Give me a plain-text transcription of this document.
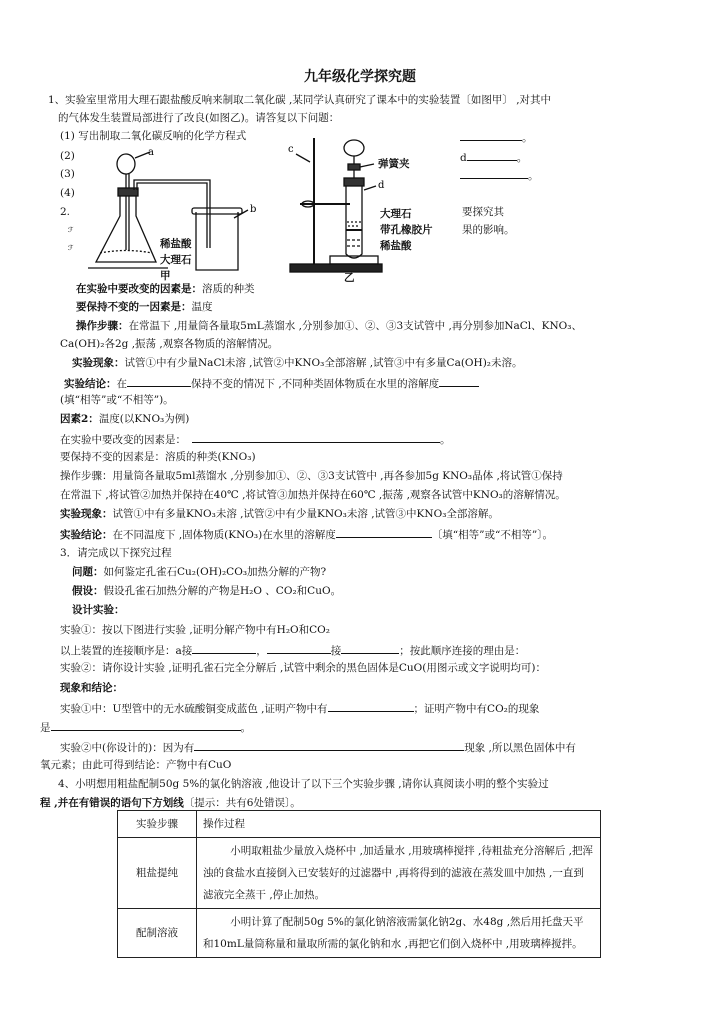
九年级化学探究题
1、实验室里常用大理石跟盐酸反响来制取二氧化碳 ,某同学认真研究了课本中的实验装置〔如图甲〕 ,对其中
的气体发生装置局部进行了改良(如图乙)。请答复以下问题：
(1) 写出制取二氧化碳反响的化学方程式	。
(2)	d	。
(3)	。
(4)
a
b
稀盐酸
大理石
甲
c
d
弹簧夹
大理石
带孔橡胶片
稀盐酸
乙
2.	要探究其
果的影响。
ℱ
ℱ
在实验中要改变的因素是：溶质的种类
要保持不变的一因素是：温度
操作步骤：在常温下 ,用量筒各量取5mL蒸馏水 ,分别参加①、②、③3支试管中 ,再分别参加NaCl、KNO₃、
Ca(OH)₂各2g ,振荡 ,观察各物质的溶解情况。
实验现象：试管①中有少量NaCl未溶 ,试管②中KNO₃全部溶解 ,试管③中有多量Ca(OH)₂未溶。
实验结论：在	保持不变的情况下 ,不同种类固体物质在水里的溶解度
(填“相等”或“不相等”)。
因素2：温度(以KNO₃为例)
在实验中要改变的因素是：	。
要保持不变的因素是：溶质的种类(KNO₃)
操作步骤：用量筒各量取5ml蒸馏水 ,分别参加①、②、③3支试管中 ,再各参加5g KNO₃晶体 ,将试管①保持
在常温下 ,将试管②加热并保持在40℃ ,将试管③加热并保持在60℃ ,振荡 ,观察各试管中KNO₃的溶解情况。
实验现象：试管①中有多量KNO₃未溶 ,试管②中有少量KNO₃未溶 ,试管③中KNO₃全部溶解。
实验结论：在不同温度下 ,固体物质(KNO₃)在水里的溶解度	〔填“相等”或“不相等”〕。
3．请完成以下探究过程
问题：如何鉴定孔雀石Cu₂(OH)₂CO₃加热分解的产物?
假设：假设孔雀石加热分解的产物是H₂O 、CO₂和CuO。
设计实验：
实验①：按以下图进行实验 ,证明分解产物中有H₂O和CO₂
以上装置的连接顺序是：a接	，	接	；按此顺序连接的理由是：
实验②：请你设计实验 ,证明孔雀石完全分解后 ,试管中剩余的黑色固体是CuO(用图示或文字说明均可)：
现象和结论：
实验①中：U型管中的无水硫酸铜变成蓝色 ,证明产物中有	；证明产物中有CO₂的现象
是	。
实验②中(你设计的)：因为有	现象 ,所以黑色固体中有
氧元素；由此可得到结论：产物中有CuO
4、小明想用粗盐配制50g 5%的氯化钠溶液 ,他设计了以下三个实验步骤 ,请你认真阅读小明的整个实验过
程 ,并在有错误的语句下方划线〔提示：共有6处错误〕。
实验步骤	操作过程
粗盐提纯	小明取粗盐少量放入烧杯中 ,加适量水 ,用玻璃棒搅拌 ,待粗盐充分溶解后 ,把浑浊的食盐水直接倒入已安装好的过滤器中 ,再将得到的滤液在蒸发皿中加热 ,一直到滤液完全蒸干 ,停止加热。
配制溶液	小明计算了配制50g 5%的氯化钠溶液需氯化钠2g、水48g ,然后用托盘天平和10mL量筒称量和量取所需的氯化钠和水 ,再把它们倒入烧杯中 ,用玻璃棒搅拌。
